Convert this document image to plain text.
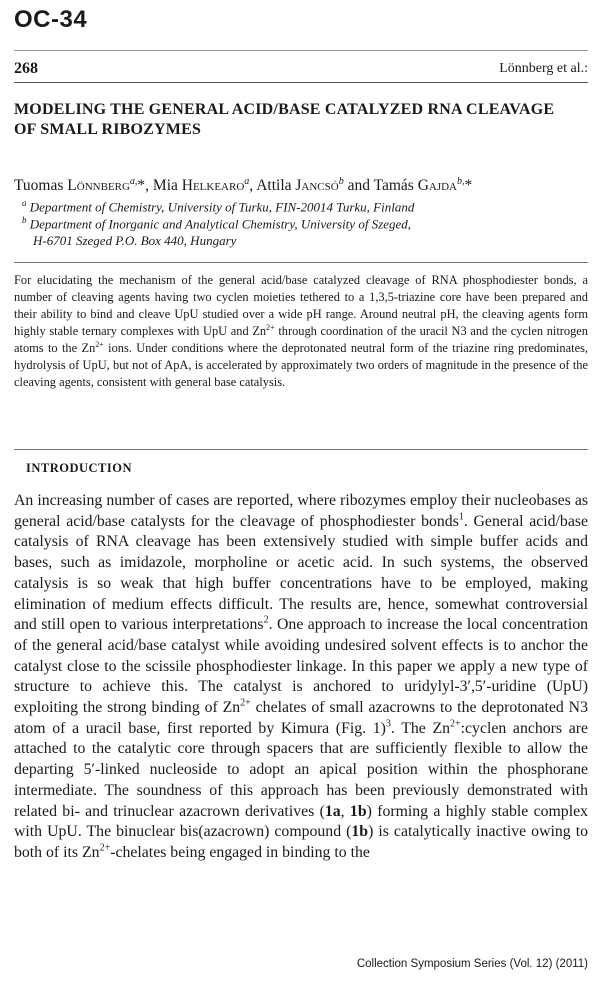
OC-34
268	Lönnberg et al.:
MODELING THE GENERAL ACID/BASE CATALYZED RNA CLEAVAGE
OF SMALL RIBOZYMES
Tuomas Lönnberg$^{a,}$*, Mia Helkearo$^a$, Attila Jancsó$^b$ and Tamás Gajda$^{b,}$*
$^a$ Department of Chemistry, University of Turku, FIN-20014 Turku, Finland
$^b$ Department of Inorganic and Analytical Chemistry, University of Szeged,
H-6701 Szeged P.O. Box 440, Hungary
For elucidating the mechanism of the general acid/base catalyzed cleavage of RNA phosphodiester bonds, a number of cleaving agents having two cyclen moieties tethered to a 1,3,5-triazine core have been prepared and their ability to bind and cleave UpU studied over a wide pH range. Around neutral pH, the cleaving agents form highly stable ternary complexes with UpU and $Zn^{2+}$ through coordination of the uracil N3 and the cyclen nitrogen atoms to the $Zn^{2+}$ ions. Under conditions where the deprotonated neutral form of the triazine ring predominates, hydrolysis of UpU, but not of ApA, is accelerated by approximately two orders of magnitude in the presence of the cleaving agents, consistent with general base catalysis.
INTRODUCTION
An increasing number of cases are reported, where ribozymes employ their nucleobases as general acid/base catalysts for the cleavage of phosphodiester bonds$^1$. General acid/base catalysis of RNA cleavage has been extensively studied with simple buffer acids and bases, such as imidazole, morpholine or acetic acid. In such systems, the observed catalysis is so weak that high buffer concentrations have to be employed, making elimination of medium effects difficult. The results are, hence, somewhat controversial and still open to various interpretations$^2$. One approach to increase the local concentration of the general acid/base catalyst while avoiding undesired solvent effects is to anchor the catalyst close to the scissile phosphodiester linkage. In this paper we apply a new type of structure to achieve this. The catalyst is anchored to uridylyl-3′,5′-uridine (UpU) exploiting the strong binding of $Zn^{2+}$ chelates of small azacrowns to the deprotonated N3 atom of a uracil base, first reported by Kimura (Fig. 1)$^3$. The $Zn^{2+}:cyclen$ anchors are attached to the catalytic core through spacers that are sufficiently flexible to allow the departing 5′-linked nucleoside to adopt an apical position within the phosphorane intermediate. The soundness of this approach has been previously demonstrated with related bi- and trinuclear azacrown derivatives (1a, 1b) forming a highly stable complex with UpU. The binuclear bis(azacrown) compound (1b) is catalytically inactive owing to both of its $Zn^{2+}$-chelates being engaged in binding to the
Collection Symposium Series (Vol. 12) (2011)
